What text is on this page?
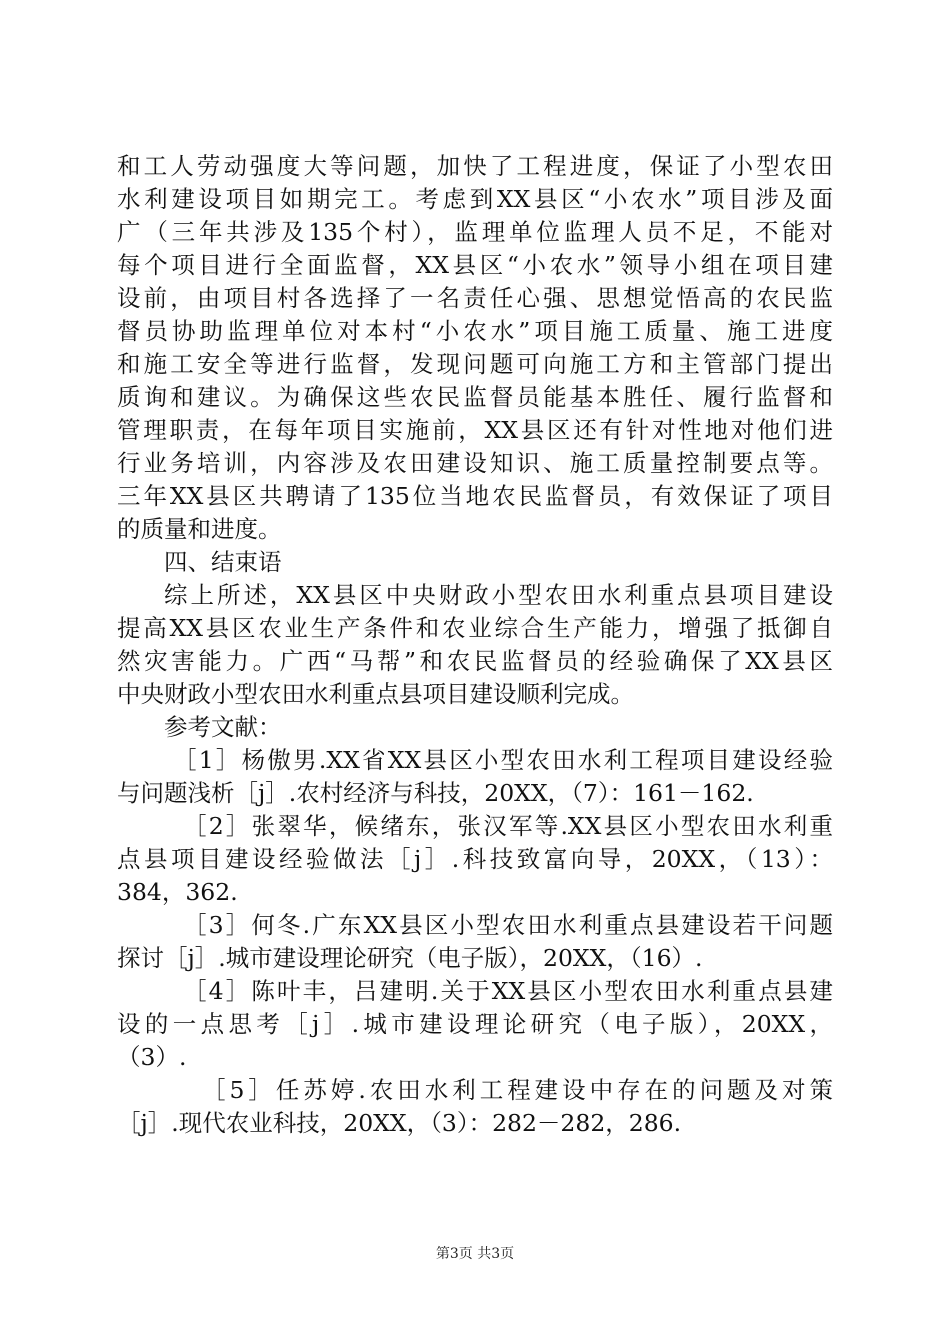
和工人劳动强度大等问题，加快了工程进度，保证了小型农田
水利建设项目如期完工。考虑到XX县区“小农水”项目涉及面
广（三年共涉及135个村），监理单位监理人员不足，不能对
每个项目进行全面监督，XX县区“小农水”领导小组在项目建
设前，由项目村各选择了一名责任心强、思想觉悟高的农民监
督员协助监理单位对本村“小农水”项目施工质量、施工进度
和施工安全等进行监督，发现问题可向施工方和主管部门提出
质询和建议。为确保这些农民监督员能基本胜任、履行监督和
管理职责，在每年项目实施前，XX县区还有针对性地对他们进
行业务培训，内容涉及农田建设知识、施工质量控制要点等。
三年XX县区共聘请了135位当地农民监督员，有效保证了项目
的质量和进度。
四、结束语
综上所述，XX县区中央财政小型农田水利重点县项目建设
提高XX县区农业生产条件和农业综合生产能力，增强了抵御自
然灾害能力。广西“马帮”和农民监督员的经验确保了XX县区
中央财政小型农田水利重点县项目建设顺利完成。
参考文献：
［1］杨傲男.XX省XX县区小型农田水利工程项目建设经验
与问题浅析［j］.农村经济与科技，20XX，（7）：161－162.
［2］张翠华，候绪东，张汉军等.XX县区小型农田水利重
点县项目建设经验做法［j］.科技致富向导，20XX，（13）：
384，362.
［3］何冬.广东XX县区小型农田水利重点县建设若干问题
探讨［j］.城市建设理论研究（电子版），20XX，（16）.
［4］陈叶丰，吕建明.关于XX县区小型农田水利重点县建
设的一点思考［j］.城市建设理论研究（电子版），20XX，
（3）.
［5］任苏婷.农田水利工程建设中存在的问题及对策
［j］.现代农业科技，20XX，（3）：282－282，286.
第3页 共3页
